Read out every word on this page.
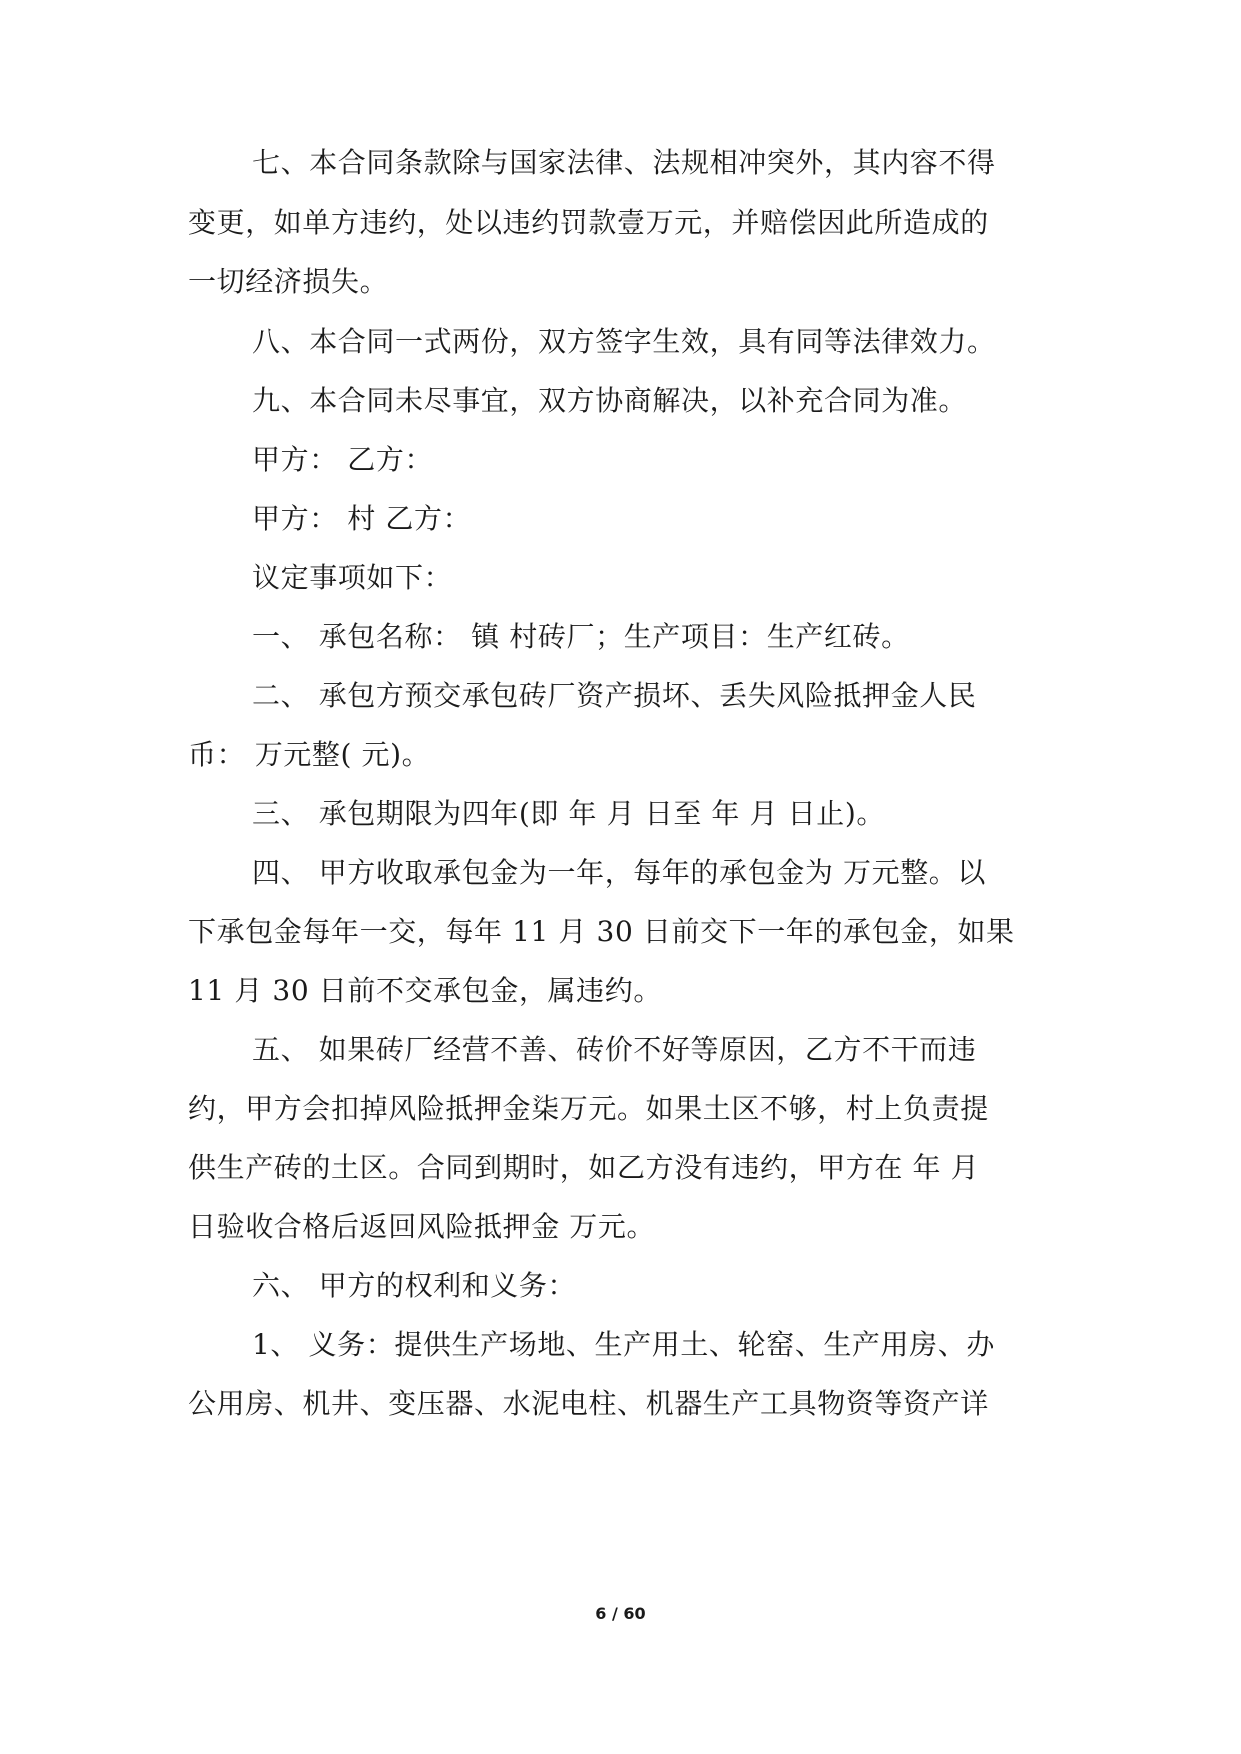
七、本合同条款除与国家法律、法规相冲突外，其内容不得
变更，如单方违约，处以违约罚款壹万元，并赔偿因此所造成的
一切经济损失。
八、本合同一式两份，双方签字生效，具有同等法律效力。
九、本合同未尽事宜，双方协商解决，以补充合同为准。
甲方： 乙方：
甲方： 村 乙方：
议定事项如下：
一、 承包名称： 镇 村砖厂；生产项目：生产红砖。
二、 承包方预交承包砖厂资产损坏、丢失风险抵押金人民
币： 万元整( 元)。
三、 承包期限为四年(即 年 月 日至 年 月 日止)。
四、 甲方收取承包金为一年，每年的承包金为 万元整。以
下承包金每年一交，每年 11 月 30 日前交下一年的承包金，如果
11 月 30 日前不交承包金，属违约。
五、 如果砖厂经营不善、砖价不好等原因，乙方不干而违
约，甲方会扣掉风险抵押金柒万元。如果土区不够，村上负责提
供生产砖的土区。合同到期时，如乙方没有违约，甲方在 年 月
日验收合格后返回风险抵押金 万元。
六、 甲方的权利和义务：
1、 义务：提供生产场地、生产用土、轮窑、生产用房、办
公用房、机井、变压器、水泥电柱、机器生产工具物资等资产详
6 / 60
